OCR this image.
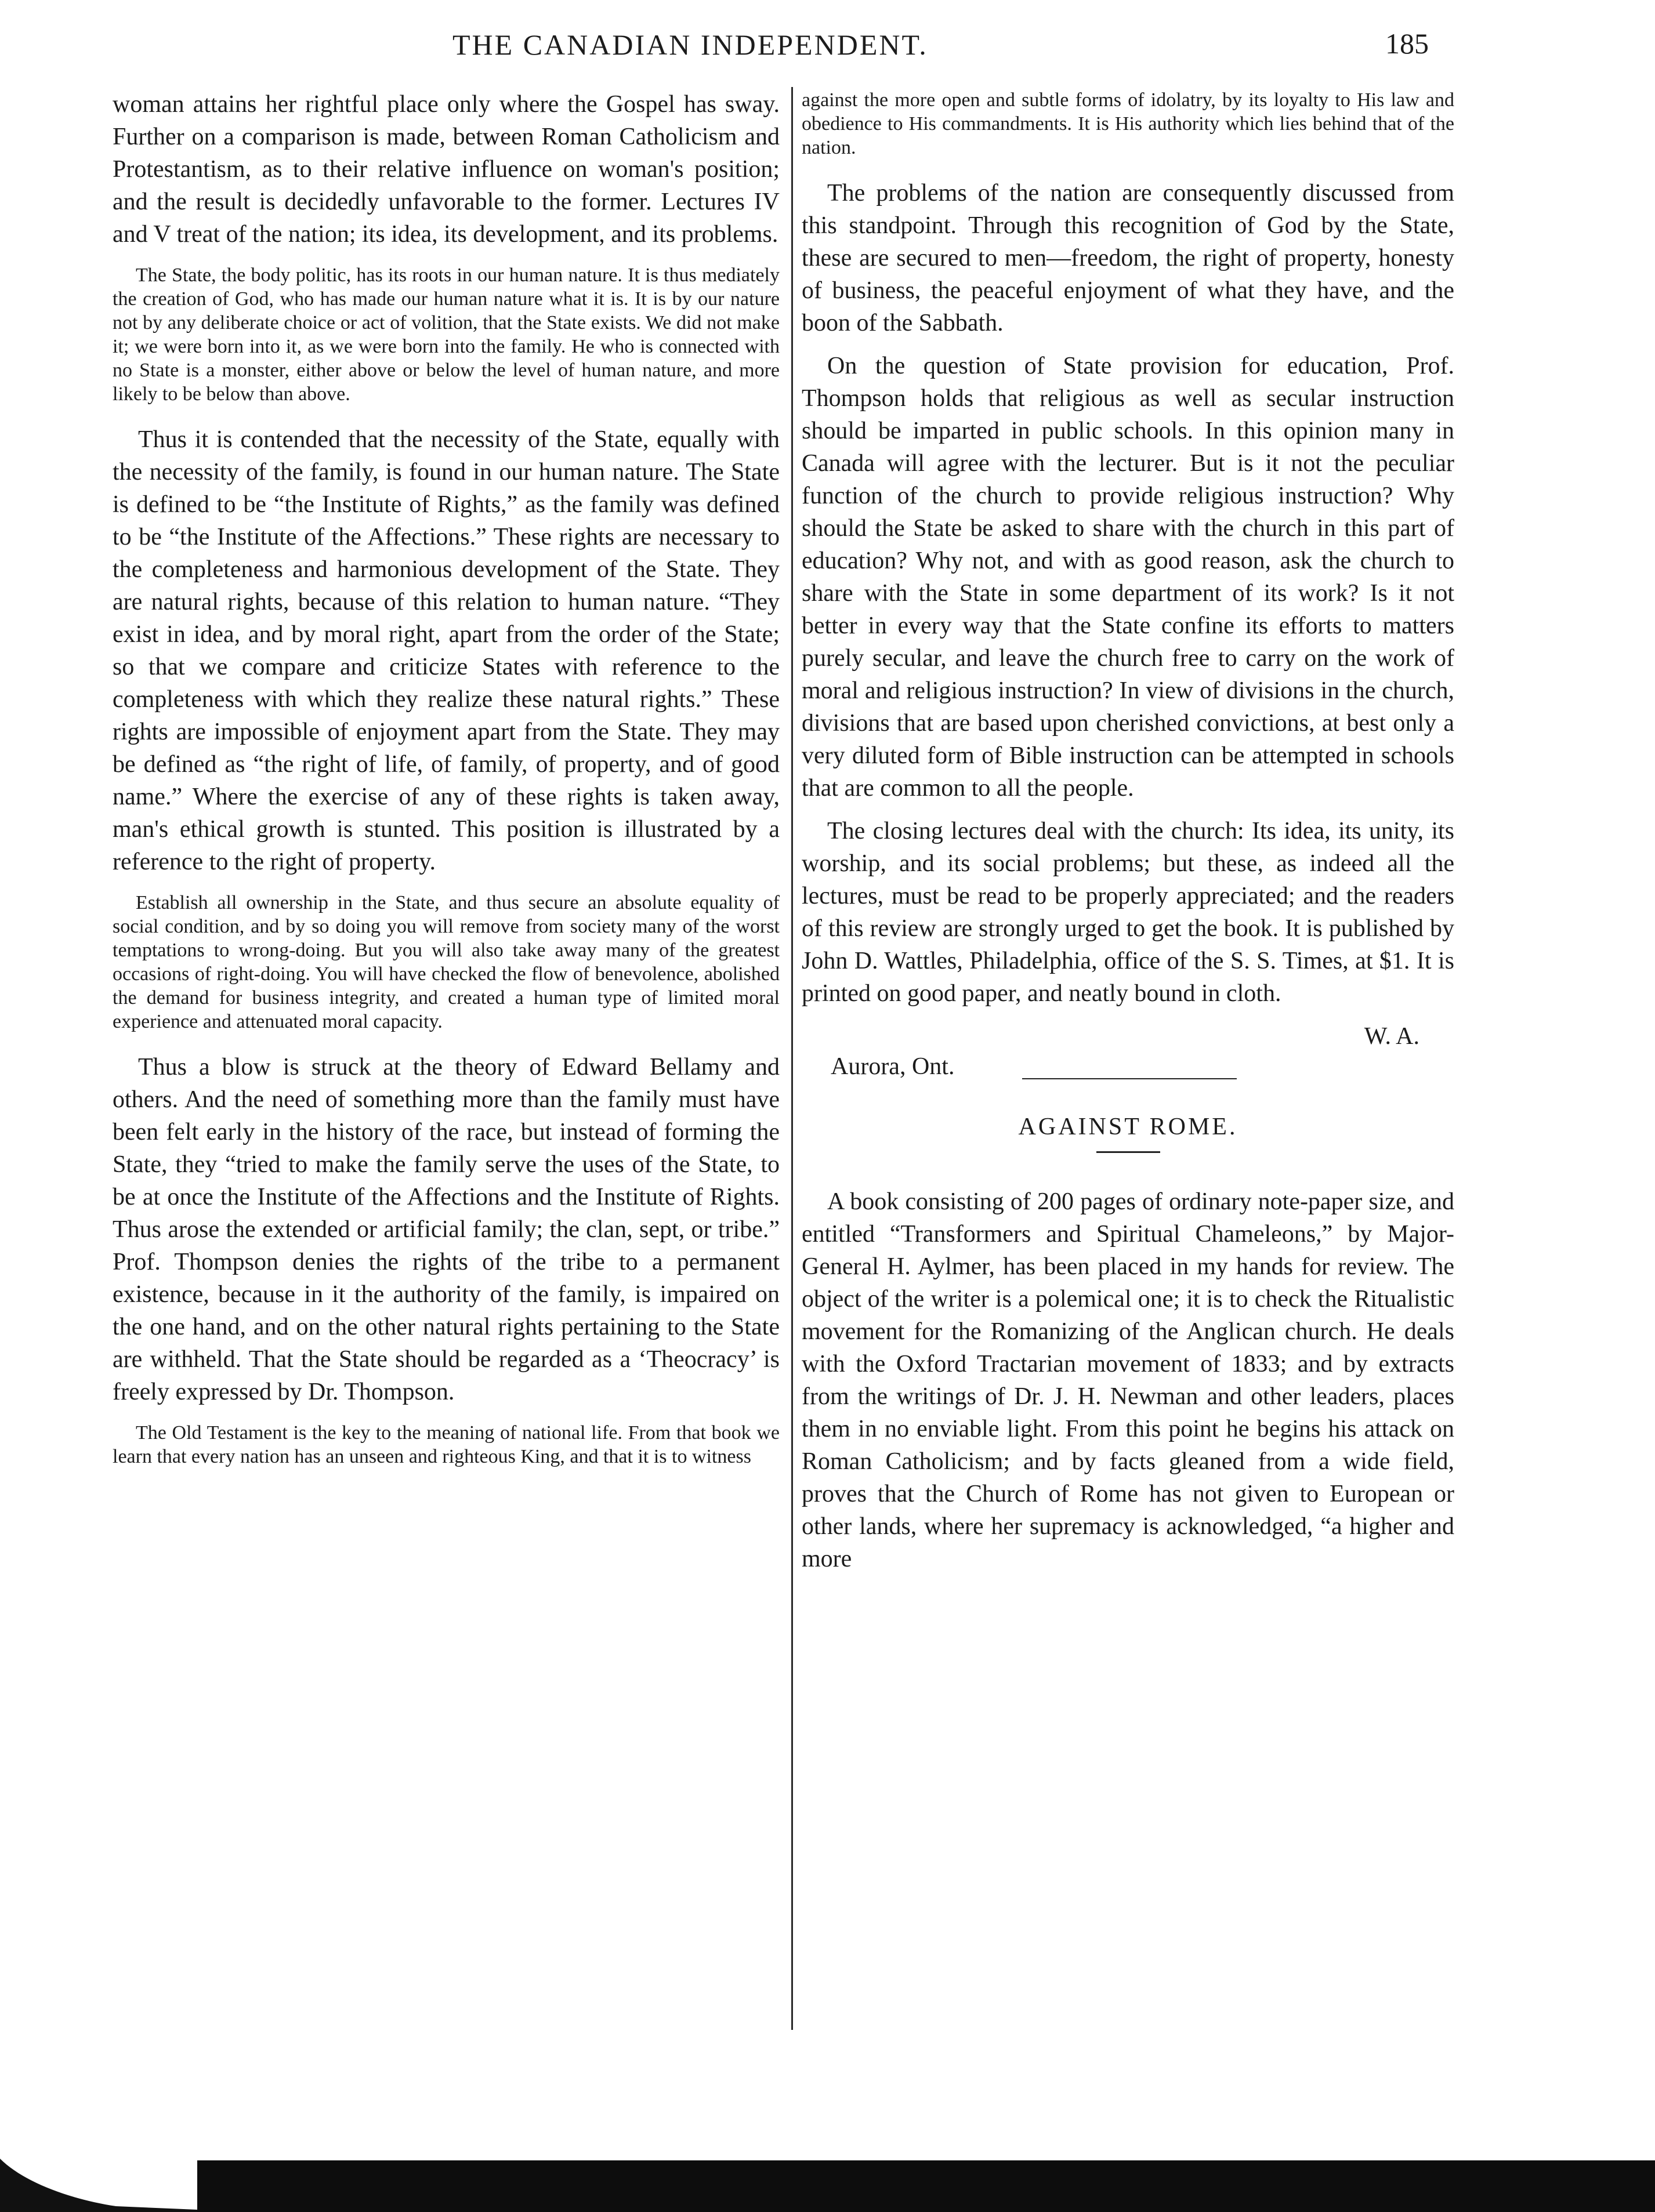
THE CANADIAN INDEPENDENT.	185

woman attains her rightful place only where the Gospel has sway. Further on a comparison is made, between Roman Catholicism and Protestantism, as to their relative influence on woman's position; and the result is decidedly unfavorable to the former. Lectures IV and V treat of the nation; its idea, its development, and its problems.

The State, the body politic, has its roots in our human nature. It is thus mediately the creation of God, who has made our human nature what it is. It is by our nature not by any deliberate choice or act of volition, that the State exists. We did not make it; we were born into it, as we were born into the family. He who is connected with no State is a monster, either above or below the level of human nature, and more likely to be below than above.

Thus it is contended that the necessity of the State, equally with the necessity of the family, is found in our human nature. The State is defined to be “the Institute of Rights,” as the family was defined to be “the Institute of the Affections.” These rights are necessary to the completeness and harmonious development of the State. They are natural rights, because of this relation to human nature. “They exist in idea, and by moral right, apart from the order of the State; so that we compare and criticize States with reference to the completeness with which they realize these natural rights.” These rights are impossible of enjoyment apart from the State. They may be defined as “the right of life, of family, of property, and of good name.” Where the exercise of any of these rights is taken away, man's ethical growth is stunted. This position is illustrated by a reference to the right of property.

Establish all ownership in the State, and thus secure an absolute equality of social condition, and by so doing you will remove from society many of the worst temptations to wrong-doing. But you will also take away many of the greatest occasions of right-doing. You will have checked the flow of benevolence, abolished the demand for business integrity, and created a human type of limited moral experience and attenuated moral capacity.

Thus a blow is struck at the theory of Edward Bellamy and others. And the need of something more than the family must have been felt early in the history of the race, but instead of forming the State, they “tried to make the family serve the uses of the State, to be at once the Institute of the Affections and the Institute of Rights. Thus arose the extended or artificial family; the clan, sept, or tribe.” Prof. Thompson denies the rights of the tribe to a permanent existence, because in it the authority of the family, is impaired on the one hand, and on the other natural rights pertaining to the State are withheld. That the State should be regarded as a ‘Theocracy’ is freely expressed by Dr. Thompson.

The Old Testament is the key to the meaning of national life. From that book we learn that every nation has an unseen and righteous King, and that it is to witness

against the more open and subtle forms of idolatry, by its loyalty to His law and obedience to His commandments. It is His authority which lies behind that of the nation.

The problems of the nation are consequently discussed from this standpoint. Through this recognition of God by the State, these are secured to men—freedom, the right of property, honesty of business, the peaceful enjoyment of what they have, and the boon of the Sabbath.

On the question of State provision for education, Prof. Thompson holds that religious as well as secular instruction should be imparted in public schools. In this opinion many in Canada will agree with the lecturer. But is it not the peculiar function of the church to provide religious instruction? Why should the State be asked to share with the church in this part of education? Why not, and with as good reason, ask the church to share with the State in some department of its work? Is it not better in every way that the State confine its efforts to matters purely secular, and leave the church free to carry on the work of moral and religious instruction? In view of divisions in the church, divisions that are based upon cherished convictions, at best only a very diluted form of Bible instruction can be attempted in schools that are common to all the people.

The closing lectures deal with the church: Its idea, its unity, its worship, and its social problems; but these, as indeed all the lectures, must be read to be properly appreciated; and the readers of this review are strongly urged to get the book. It is published by John D. Wattles, Philadelphia, office of the S. S. Times, at $1. It is printed on good paper, and neatly bound in cloth.

W. A.
Aurora, Ont.
AGAINST ROME.

A book consisting of 200 pages of ordinary note-paper size, and entitled “Transformers and Spiritual Chameleons,” by Major-General H. Aylmer, has been placed in my hands for review. The object of the writer is a polemical one; it is to check the Ritualistic movement for the Romanizing of the Anglican church. He deals with the Oxford Tractarian movement of 1833; and by extracts from the writings of Dr. J. H. Newman and other leaders, places them in no enviable light. From this point he begins his attack on Roman Catholicism; and by facts gleaned from a wide field, proves that the Church of Rome has not given to European or other lands, where her supremacy is acknowledged, “a higher and more
